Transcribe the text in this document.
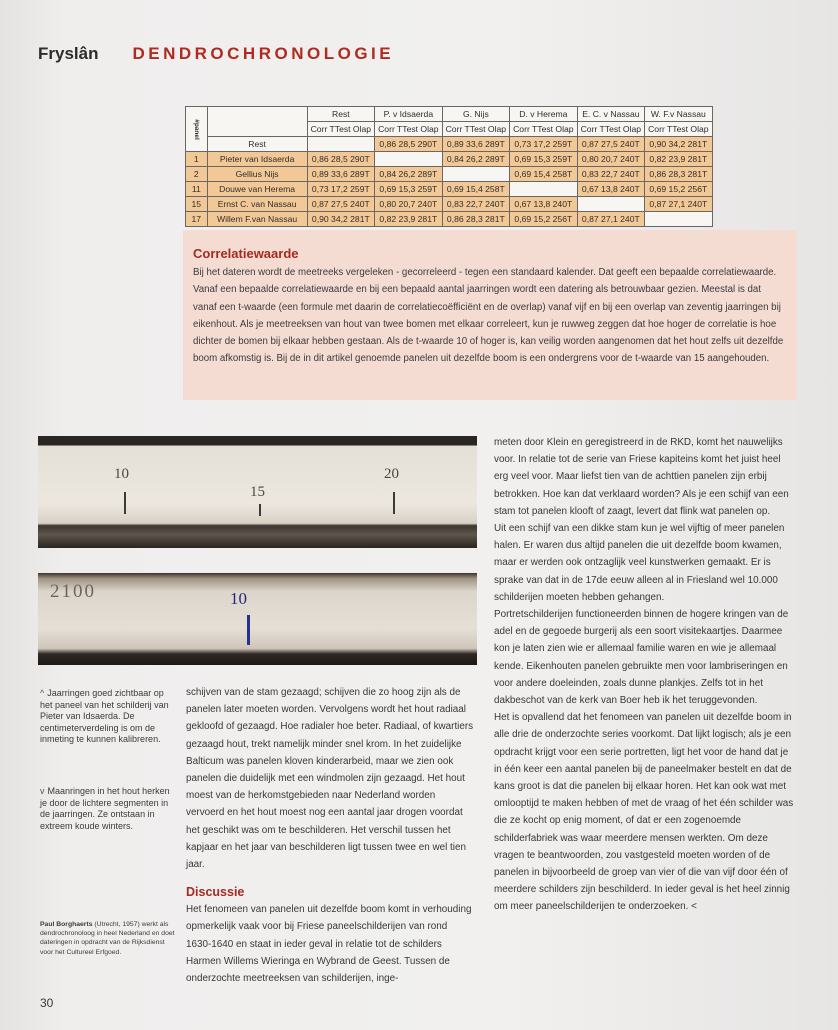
Fryslân DENDROCHRONOLOGIE
#panel		Rest	P. v Idsaerda	G. Nijs	D. v Herema	E. C. v Nassau	W. F.v Nassau
		Corr TTest Olap	Corr TTest Olap	Corr TTest Olap	Corr TTest Olap	Corr TTest Olap	Corr TTest Olap
	Rest		0,86 28,5 290T	0,89 33,6 289T	0,73 17,2 259T	0,87 27,5 240T	0,90 34,2 281T
1	Pieter van Idsaerda	0,86 28,5 290T		0,84 26,2 289T	0,69 15,3 259T	0,80 20,7 240T	0,82 23,9 281T
2	Gellius Nijs	0,89 33,6 289T	0,84 26,2 289T		0,69 15,4 258T	0,83 22,7 240T	0,86 28,3 281T
11	Douwe van Herema	0,73 17,2 259T	0,69 15,3 259T	0,69 15,4 258T		0,67 13,8 240T	0,69 15,2 256T
15	Ernst C. van Nassau	0,87 27,5 240T	0,80 20,7 240T	0,83 22,7 240T	0,67 13,8 240T		0,87 27,1 240T
17	Willem F.van Nassau	0,90 34,2 281T	0,82 23,9 281T	0,86 28,3 281T	0,69 15,2 256T	0,87 27,1 240T	
Correlatiewaarde

Bij het dateren wordt de meetreeks vergeleken - gecorreleerd - tegen een standaard kalender. Dat geeft een bepaalde correlatiewaarde. Vanaf een bepaalde correlatiewaarde en bij een bepaald aantal jaarringen wordt een datering als betrouwbaar gezien. Meestal is dat vanaf een t-waarde (een formule met daarin de correlatiecoëfficiënt en de overlap) vanaf vijf en bij een overlap van zeventig jaarringen bij eikenhout. Als je meetreeksen van hout van twee bomen met elkaar correleert, kun je ruwweg zeggen dat hoe hoger de correlatie is hoe dichter de bomen bij elkaar hebben gestaan. Als de t-waarde 10 of hoger is, kan veilig worden aangenomen dat het hout zelfs uit dezelfde boom afkomstig is. Bij de in dit artikel genoemde panelen uit dezelfde boom is een ondergrens voor de t-waarde van 15 aangehouden.

10
15
20
2100	10
^ Jaarringen goed zichtbaar op het paneel van het schilderij van Pieter van Idsaerda. De centimeterverdeling is om de inmeting te kunnen kalibreren.
v Maanringen in het hout herken je door de lichtere segmenten in de jaarringen. Ze ontstaan in extreem koude winters.
Paul Borghaerts (Utrecht, 1957) werkt als dendrochronoloog in heel Nederland en doet dateringen in opdracht van de Rijksdienst voor het Cultureel Erfgoed.
30

schijven van de stam gezaagd; schijven die zo hoog zijn als de panelen later moeten worden. Vervolgens wordt het hout radiaal gekloofd of gezaagd. Hoe radialer hoe beter. Radiaal, of kwartiers gezaagd hout, trekt namelijk minder snel krom. In het zuidelijke Balticum was panelen kloven kinderarbeid, maar we zien ook panelen die duidelijk met een windmolen zijn gezaagd. Het hout moest van de herkomstgebieden naar Nederland worden vervoerd en het hout moest nog een aantal jaar drogen voordat het geschikt was om te beschilderen. Het verschil tussen het kapjaar en het jaar van beschilderen ligt tussen twee en wel tien jaar.

Discussie

Het fenomeen van panelen uit dezelfde boom komt in verhouding opmerkelijk vaak voor bij Friese paneelschilderijen van rond 1630-1640 en staat in ieder geval in relatie tot de schilders Harmen Willems Wieringa en Wybrand de Geest. Tussen de onderzochte meetreeksen van schilderijen, inge-

meten door Klein en geregistreerd in de RKD, komt het nauwelijks voor. In relatie tot de serie van Friese kapiteins komt het juist heel erg veel voor. Maar liefst tien van de achttien panelen zijn erbij betrokken. Hoe kan dat verklaard worden? Als je een schijf van een stam tot panelen klooft of zaagt, levert dat flink wat panelen op.

Uit een schijf van een dikke stam kun je wel vijftig of meer panelen halen. Er waren dus altijd panelen die uit dezelfde boom kwamen, maar er werden ook ontzaglijk veel kunstwerken gemaakt. Er is sprake van dat in de 17de eeuw alleen al in Friesland wel 10.000 schilderijen moeten hebben gehangen.

Portretschilderijen functioneerden binnen de hogere kringen van de adel en de gegoede burgerij als een soort visitekaartjes. Daarmee kon je laten zien wie er allemaal familie waren en wie je allemaal kende. Eikenhouten panelen gebruikte men voor lambriseringen en voor andere doeleinden, zoals dunne plankjes. Zelfs tot in het dakbeschot van de kerk van Boer heb ik het teruggevonden.

Het is opvallend dat het fenomeen van panelen uit dezelfde boom in alle drie de onderzochte series voorkomt. Dat lijkt logisch; als je een opdracht krijgt voor een serie portretten, ligt het voor de hand dat je in één keer een aantal panelen bij de paneelmaker bestelt en dat de kans groot is dat die panelen bij elkaar horen. Het kan ook wat met omlooptijd te maken hebben of met de vraag of het één schilder was die ze kocht op enig moment, of dat er een zogenoemde schilderfabriek was waar meerdere mensen werkten. Om deze vragen te beantwoorden, zou vastgesteld moeten worden of de panelen in bijvoorbeeld de groep van vier of die van vijf door één of meerdere schilders zijn beschilderd. In ieder geval is het heel zinnig om meer paneelschilderijen te onderzoeken. <
